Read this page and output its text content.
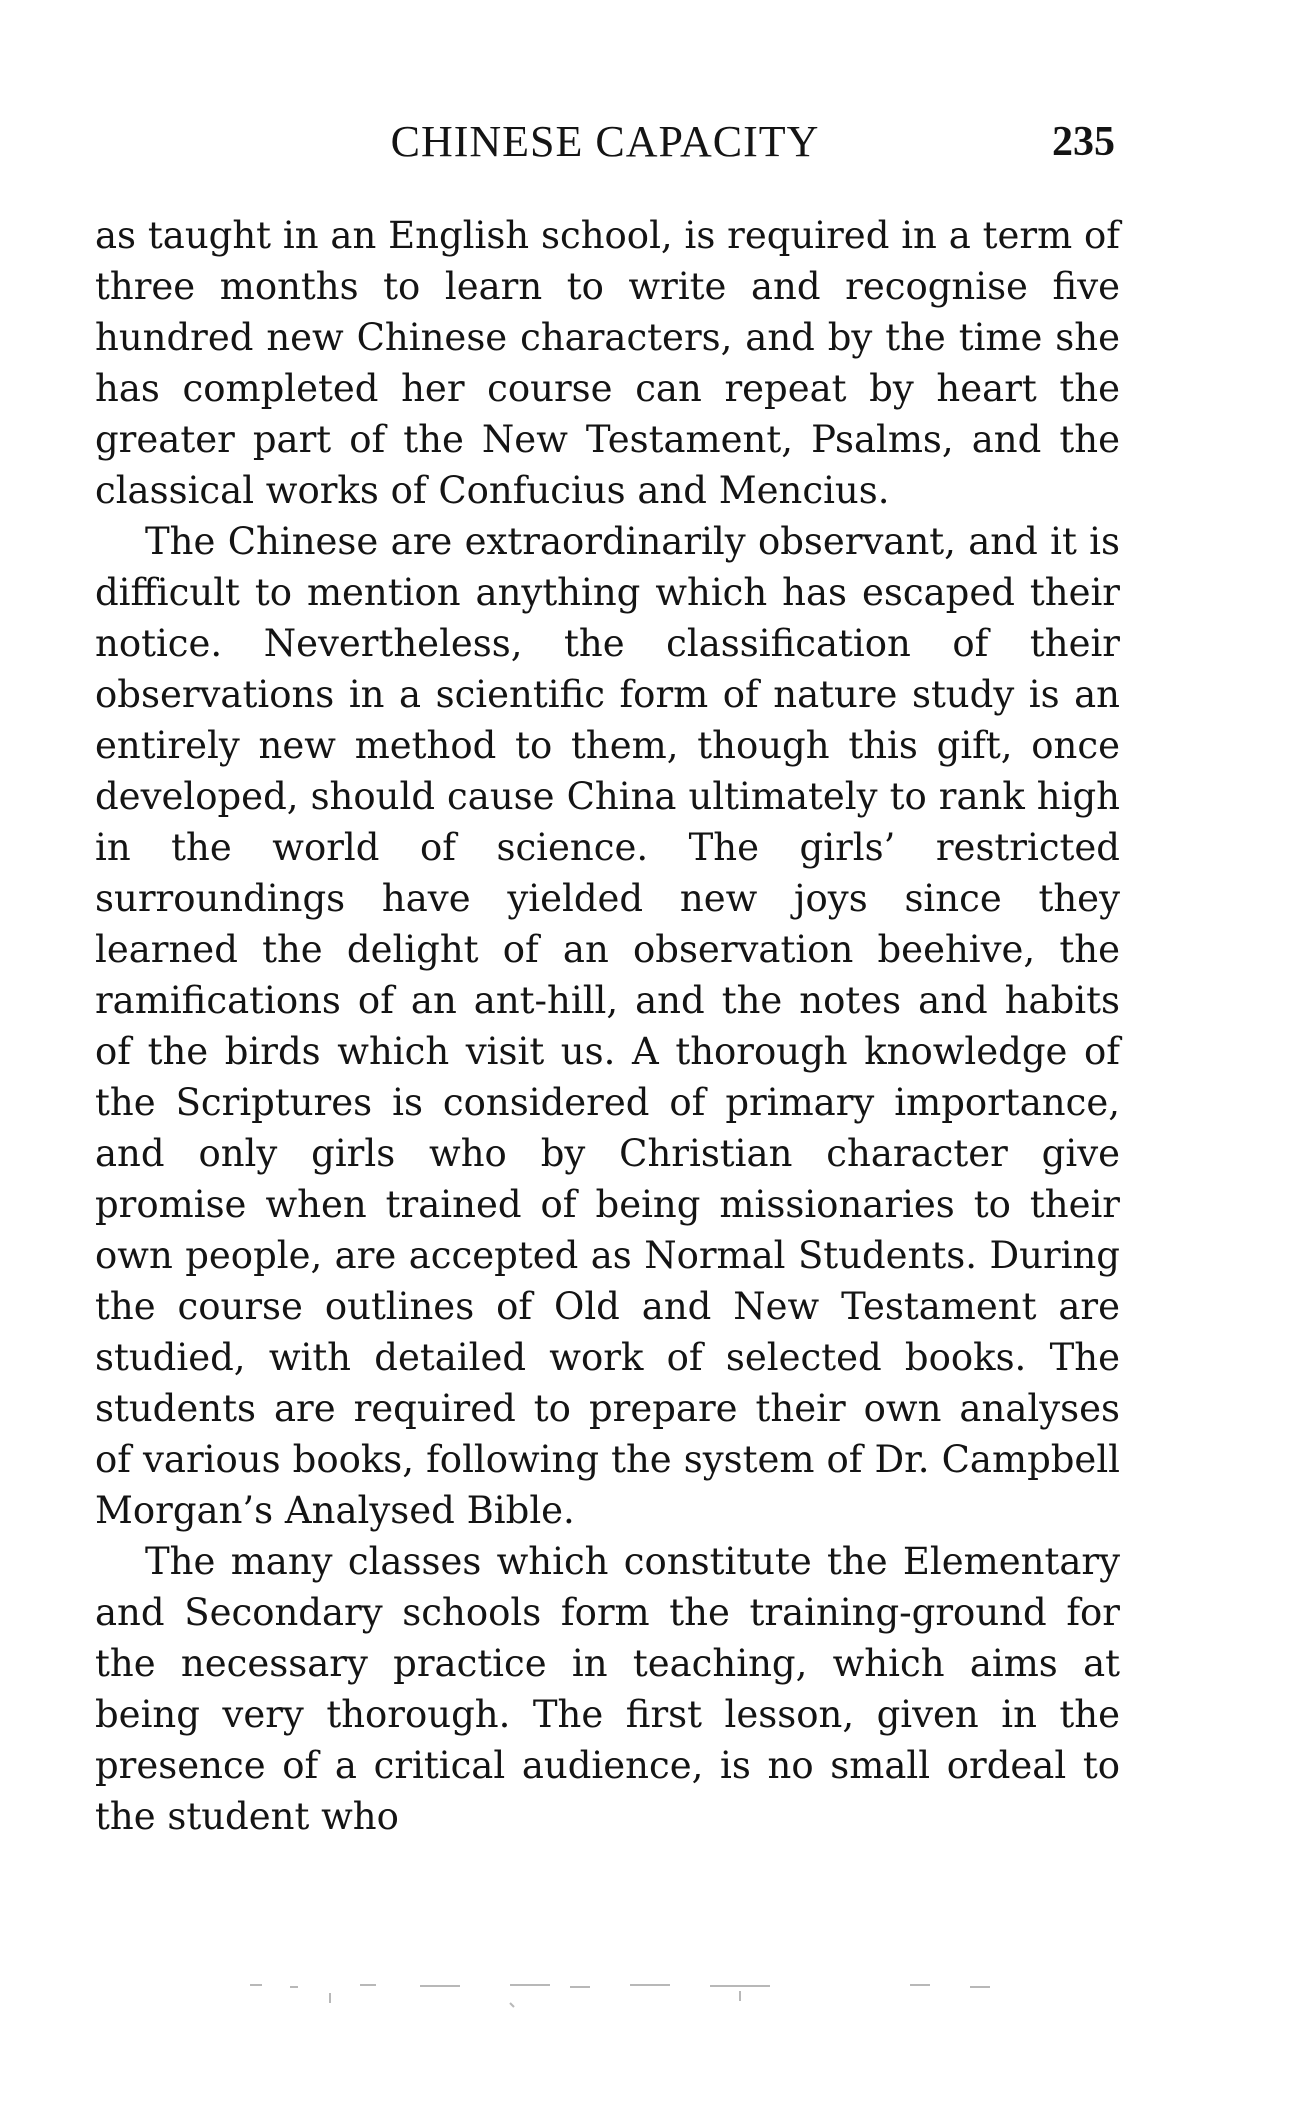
CHINESE CAPACITY	235

as taught in an English school, is required in a term of three months to learn to write and recognise five hundred new Chinese characters, and by the time she has completed her course can repeat by heart the greater part of the New Testament, Psalms, and the classical works of Confucius and Mencius.

The Chinese are extraordinarily observant, and it is difficult to mention anything which has escaped their notice. Nevertheless, the classification of their observations in a scientific form of nature study is an entirely new method to them, though this gift, once developed, should cause China ultimately to rank high in the world of science. The girls’ restricted surroundings have yielded new joys since they learned the delight of an observation beehive, the ramifications of an ant-hill, and the notes and habits of the birds which visit us. A thorough knowledge of the Scriptures is considered of primary importance, and only girls who by Christian character give promise when trained of being missionaries to their own people, are accepted as Normal Students. During the course outlines of Old and New Testament are studied, with detailed work of selected books. The students are required to prepare their own analyses of various books, following the system of Dr. Campbell Morgan’s Analysed Bible.

The many classes which constitute the Elementary and Secondary schools form the training-ground for the necessary practice in teaching, which aims at being very thorough. The first lesson, given in the presence of a critical audience, is no small ordeal to the student who
